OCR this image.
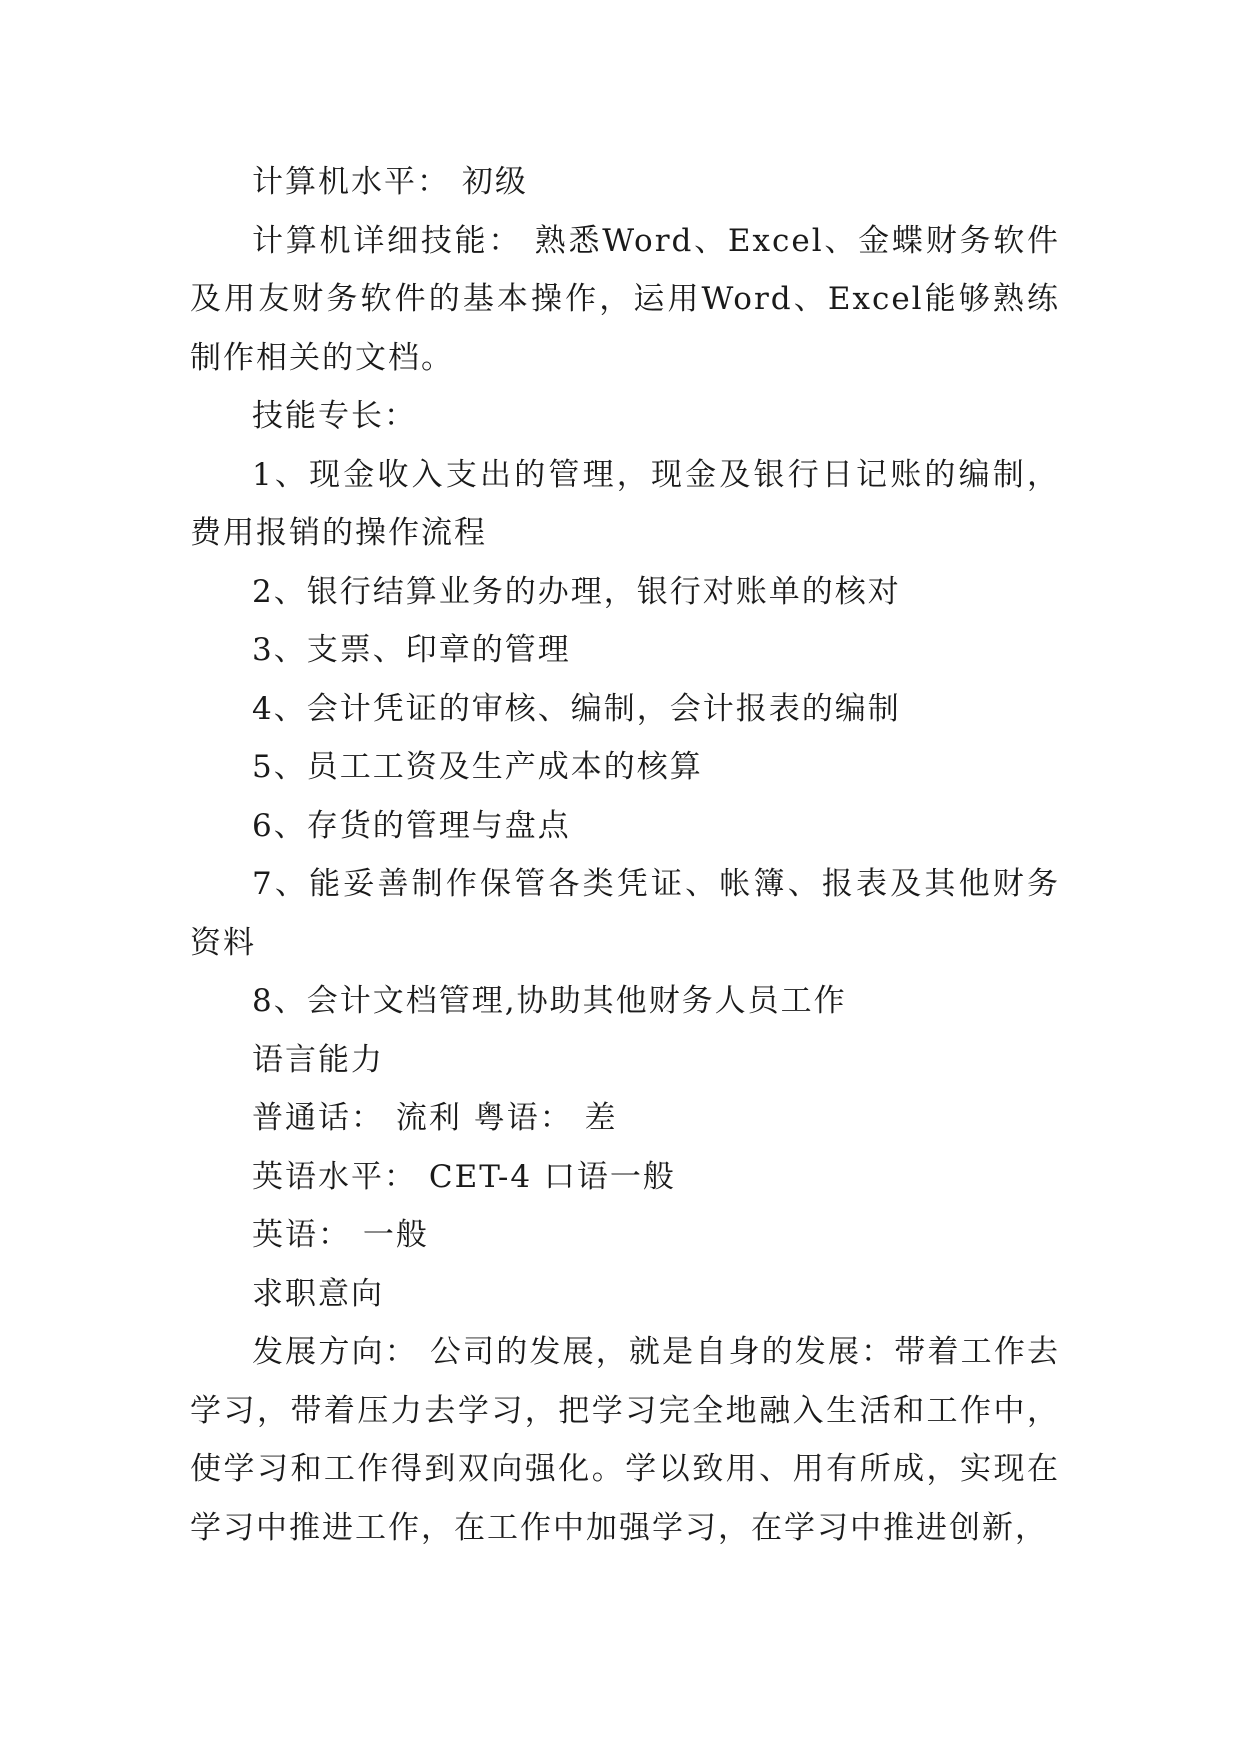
计算机水平： 初级

计算机详细技能： 熟悉Word、Excel、金蝶财务软件及用友财务软件的基本操作，运用Word、Excel能够熟练制作相关的文档。

技能专长：

1、现金收入支出的管理，现金及银行日记账的编制，费用报销的操作流程

2、银行结算业务的办理，银行对账单的核对

3、支票、印章的管理

4、会计凭证的审核、编制，会计报表的编制

5、员工工资及生产成本的核算

6、存货的管理与盘点

7、能妥善制作保管各类凭证、帐簿、报表及其他财务资料

8、会计文档管理,协助其他财务人员工作

语言能力

普通话： 流利 粤语： 差

英语水平： CET-4 口语一般

英语： 一般

求职意向

发展方向： 公司的发展，就是自身的发展：带着工作去学习，带着压力去学习，把学习完全地融入生活和工作中，使学习和工作得到双向强化。学以致用、用有所成，实现在学习中推进工作，在工作中加强学习，在学习中推进创新，
